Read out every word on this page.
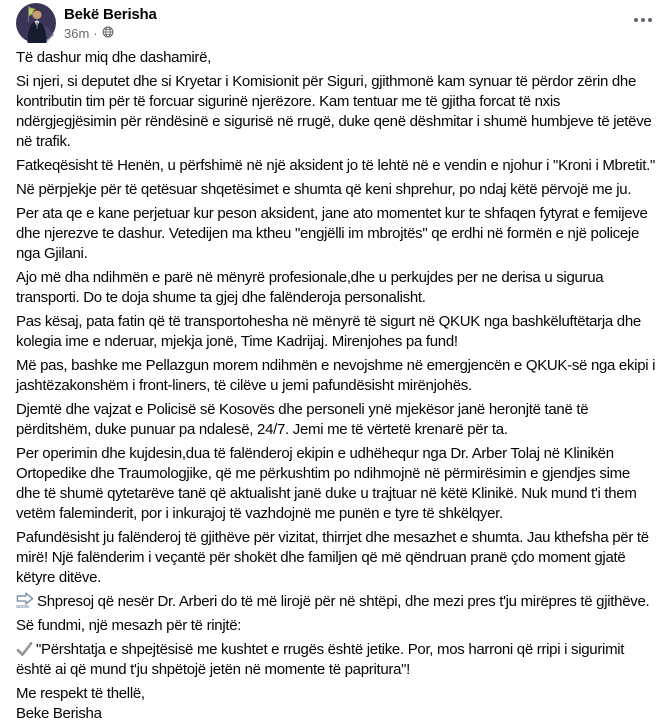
Bekë Berisha
36m ·
Të dashur miq dhe dashamirë,
Si njeri, si deputet dhe si Kryetar i Komisionit për Siguri, gjithmonë kam synuar të përdor zërin dhe kontributin tim për të forcuar sigurinë njerëzore. Kam tentuar me të gjitha forcat të nxis ndërgjegjësimin për rëndësinë e sigurisë në rrugë, duke qenë dëshmitar i shumë humbjeve të jetëve në trafik.
Fatkeqësisht të Henën, u përfshimë në një aksident jo të lehtë në e vendin e njohur i "Kroni i Mbretit."
Në përpjekje për të qetësuar shqetësimet e shumta që keni shprehur, po ndaj këtë përvojë me ju.
Per ata qe e kane perjetuar kur peson aksident, jane ato momentet kur te shfaqen fytyrat e femijeve dhe njerezve te dashur. Vetedijen ma ktheu "engjëlli im mbrojtës" qe erdhi në formën e një policeje nga Gjilani.
Ajo më dha ndihmën e parë në mënyrë profesionale,dhe u perkujdes per ne derisa u sigurua transporti. Do te doja shume ta gjej dhe falënderoja personalisht.
Pas kësaj, pata fatin që të transportohesha në mënyrë të sigurt në QKUK nga bashkëluftëtarja dhe kolegia ime e nderuar, mjekja jonë, Time Kadrijaj. Mirenjohes pa fund!
Më pas, bashke me Pellazgun morem ndihmën e nevojshme në emergjencën e QKUK-së nga ekipi i jashtëzakonshëm i front-liners, të cilëve u jemi pafundësisht mirënjohës.
Djemtë dhe vajzat e Policisë së Kosovës dhe personeli ynë mjekësor janë heronjtë tanë të përditshëm, duke punuar pa ndalesë, 24/7. Jemi me të vërtetë krenarë për ta.
Per operimin dhe kujdesin,dua të falënderoj ekipin e udhëhequr nga Dr. Arber Tolaj në Klinikën Ortopedike dhe Traumologjike, që me përkushtim po ndihmojnë në përmirësimin e gjendjes sime dhe të shumë qytetarëve tanë që aktualisht janë duke u trajtuar në këtë Klinikë. Nuk mund t'i them vetëm faleminderit, por i inkurajoj të vazhdojnë me punën e tyre të shkëlqyer.
Pafundësisht ju falënderoj të gjithëve për vizitat, thirrjet dhe mesazhet e shumta. Jau kthefsha për të mirë! Një falënderim i veçantë për shokët dhe familjen që më qëndruan pranë çdo moment gjatë këtyre ditëve.
SOON Shpresoj që nesër Dr. Arberi do të më lirojë për në shtëpi, dhe mezi pres t'ju mirëpres të gjithëve.
Së fundmi, një mesazh për të rinjtë:
"Përshtatja e shpejtësisë me kushtet e rrugës është jetike. Por, mos harroni që rripi i sigurimit është ai që mund t'ju shpëtojë jetën në momente të papritura"!
Me respekt të thellë,
Beke Berisha
